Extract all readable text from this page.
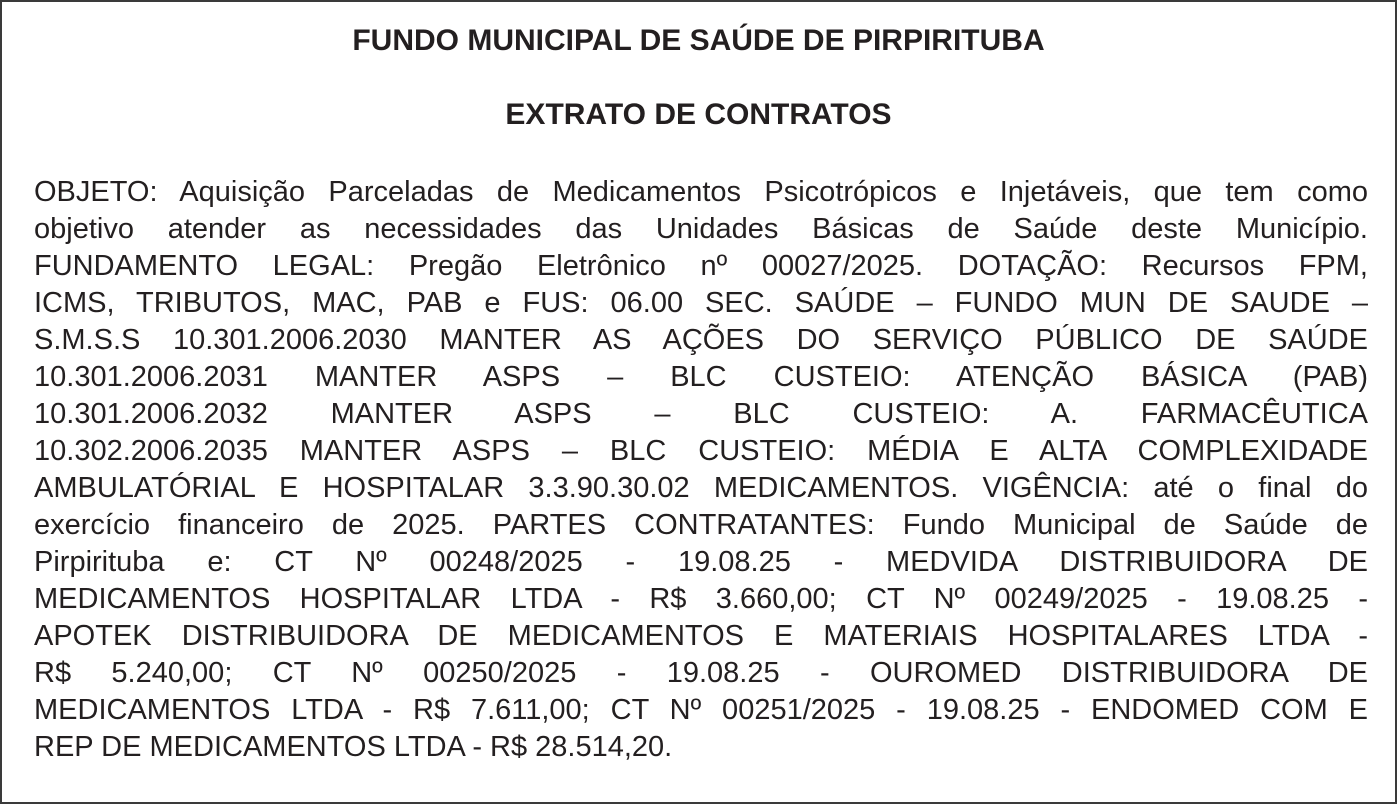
FUNDO MUNICIPAL DE SAÚDE DE PIRPIRITUBA
EXTRATO DE CONTRATOS
OBJETO: Aquisição Parceladas de Medicamentos Psicotrópicos e Injetáveis, que tem como
objetivo atender as necessidades das Unidades Básicas de Saúde deste Município.
FUNDAMENTO LEGAL: Pregão Eletrônico nº 00027/2025. DOTAÇÃO: Recursos FPM,
ICMS, TRIBUTOS, MAC, PAB e FUS: 06.00 SEC. SAÚDE – FUNDO MUN DE SAUDE –
S.M.S.S 10.301.2006.2030 MANTER AS AÇÕES DO SERVIÇO PÚBLICO DE SAÚDE
10.301.2006.2031 MANTER ASPS – BLC CUSTEIO: ATENÇÃO BÁSICA (PAB)
10.301.2006.2032 MANTER ASPS – BLC CUSTEIO: A. FARMACÊUTICA
10.302.2006.2035 MANTER ASPS – BLC CUSTEIO: MÉDIA E ALTA COMPLEXIDADE
AMBULATÓRIAL E HOSPITALAR 3.3.90.30.02 MEDICAMENTOS. VIGÊNCIA: até o final do
exercício financeiro de 2025. PARTES CONTRATANTES: Fundo Municipal de Saúde de
Pirpirituba e: CT Nº 00248/2025 - 19.08.25 - MEDVIDA DISTRIBUIDORA DE
MEDICAMENTOS HOSPITALAR LTDA - R$ 3.660,00; CT Nº 00249/2025 - 19.08.25 -
APOTEK DISTRIBUIDORA DE MEDICAMENTOS E MATERIAIS HOSPITALARES LTDA -
R$ 5.240,00; CT Nº 00250/2025 - 19.08.25 - OUROMED DISTRIBUIDORA DE
MEDICAMENTOS LTDA - R$ 7.611,00; CT Nº 00251/2025 - 19.08.25 - ENDOMED COM E
REP DE MEDICAMENTOS LTDA - R$ 28.514,20.
